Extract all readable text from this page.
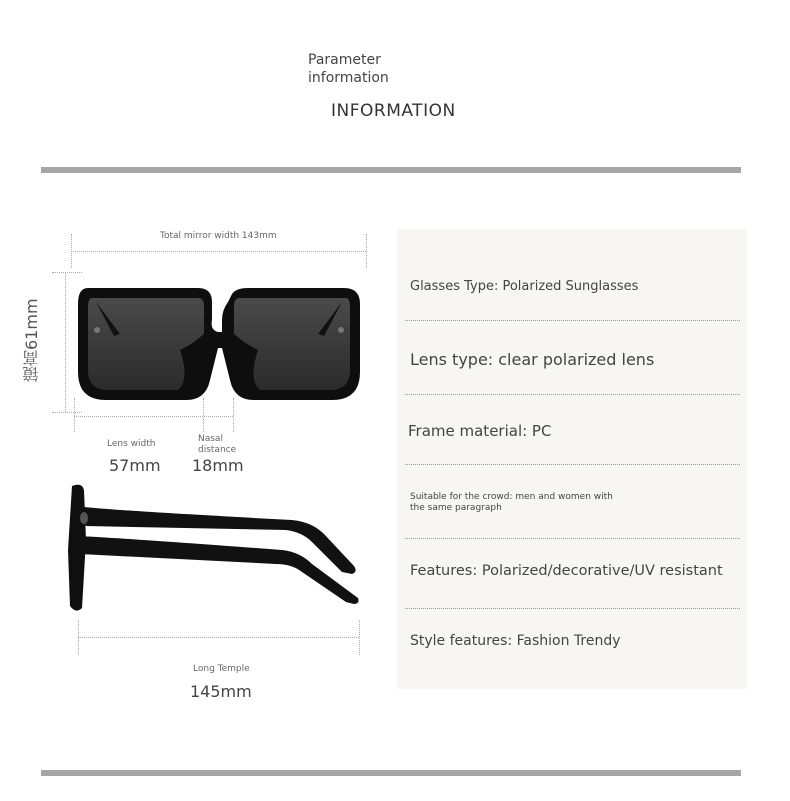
Parameter information
INFORMATION
Total mirror width 143mm
镜高61mm
Lens width
57mm
Nasal distance
18mm
Long Temple
145mm
Glasses Type: Polarized Sunglasses
Lens type: clear polarized lens
Frame material: PC
Suitable for the crowd: men and women with the same paragraph
Features: Polarized/decorative/UV resistant
Style features: Fashion Trendy
